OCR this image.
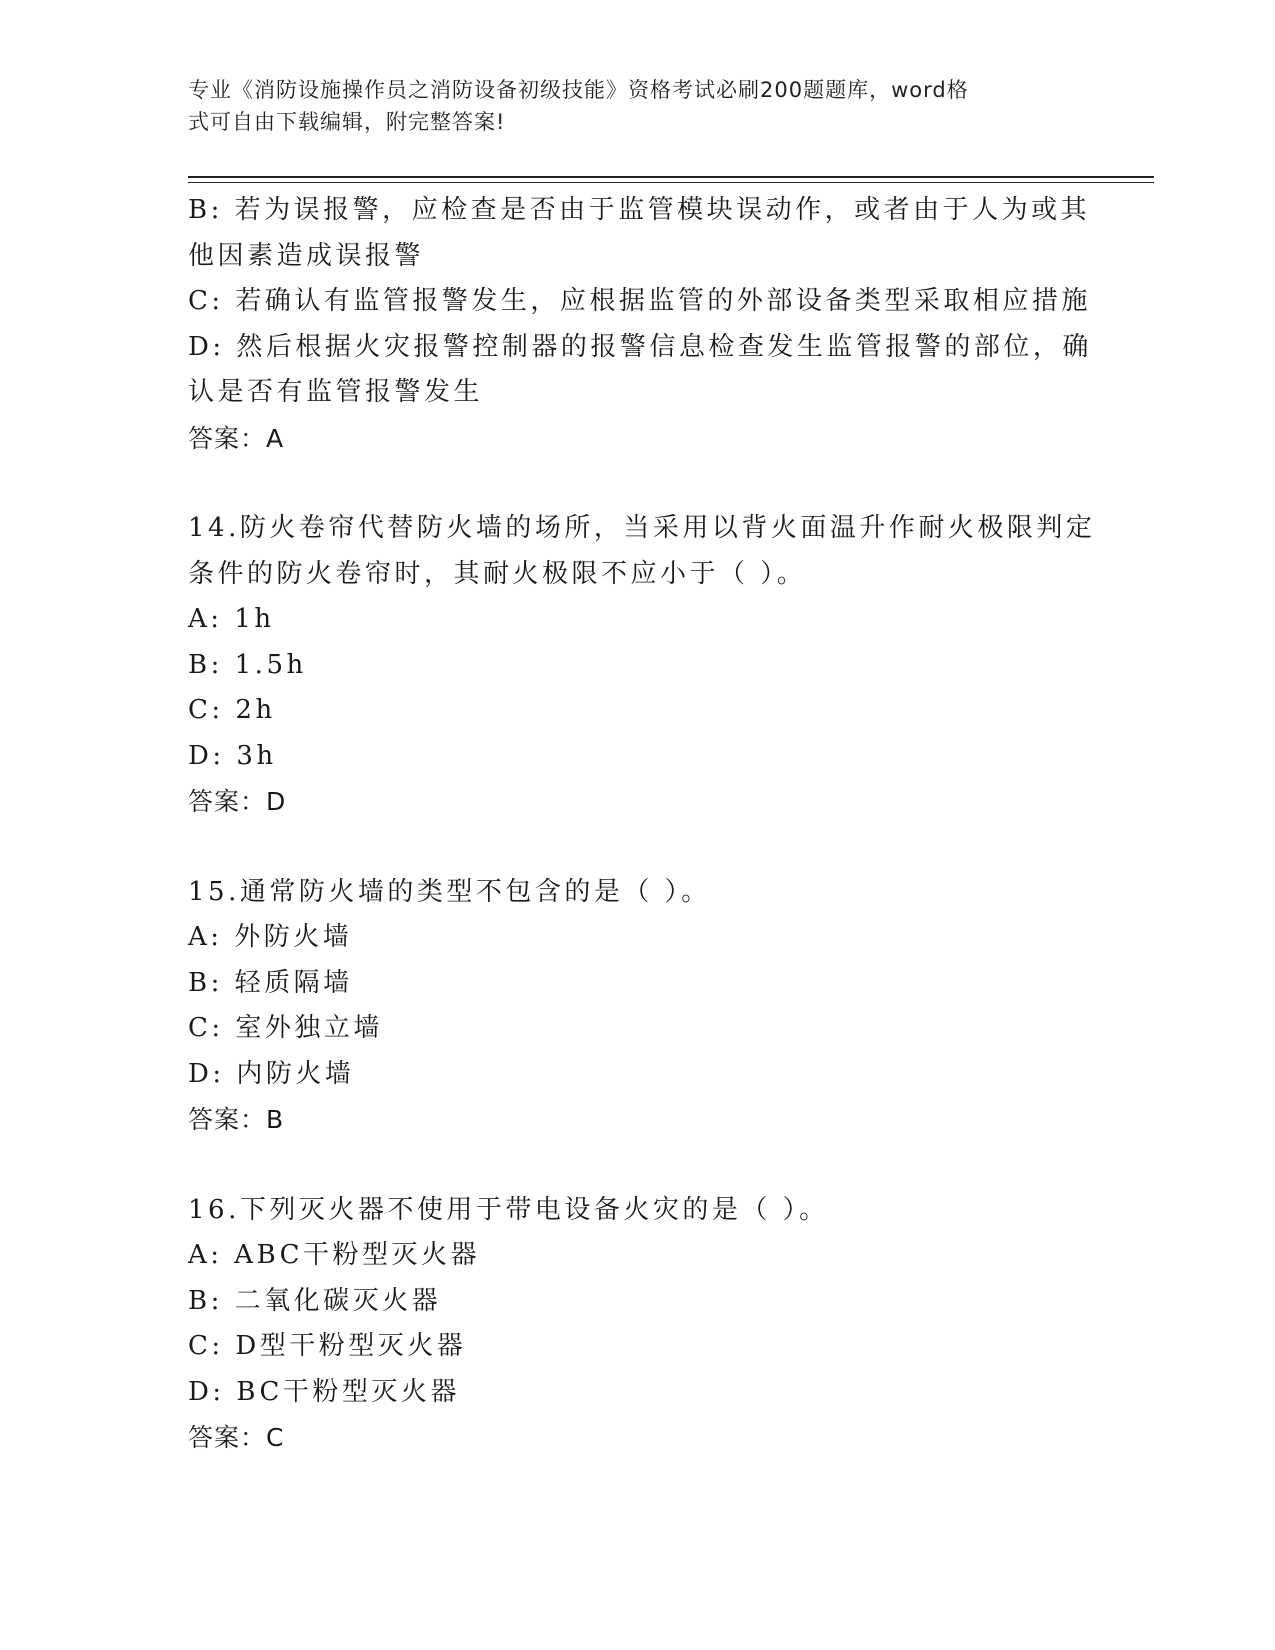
专业《消防设施操作员之消防设备初级技能》资格考试必刷200题题库，word格
式可自由下载编辑，附完整答案!
B: 若为误报警，应检查是否由于监管模块误动作，或者由于人为或其
他因素造成误报警
C: 若确认有监管报警发生，应根据监管的外部设备类型采取相应措施
D: 然后根据火灾报警控制器的报警信息检查发生监管报警的部位，确
认是否有监管报警发生
答案：A
14.防火卷帘代替防火墙的场所，当采用以背火面温升作耐火极限判定
条件的防火卷帘时，其耐火极限不应小于（ ）。
A: 1h
B: 1.5h
C: 2h
D: 3h
答案：D
15.通常防火墙的类型不包含的是（ ）。
A: 外防火墙
B: 轻质隔墙
C: 室外独立墙
D: 内防火墙
答案：B
16.下列灭火器不使用于带电设备火灾的是（ ）。
A: ABC干粉型灭火器
B: 二氧化碳灭火器
C: D型干粉型灭火器
D: BC干粉型灭火器
答案：C
